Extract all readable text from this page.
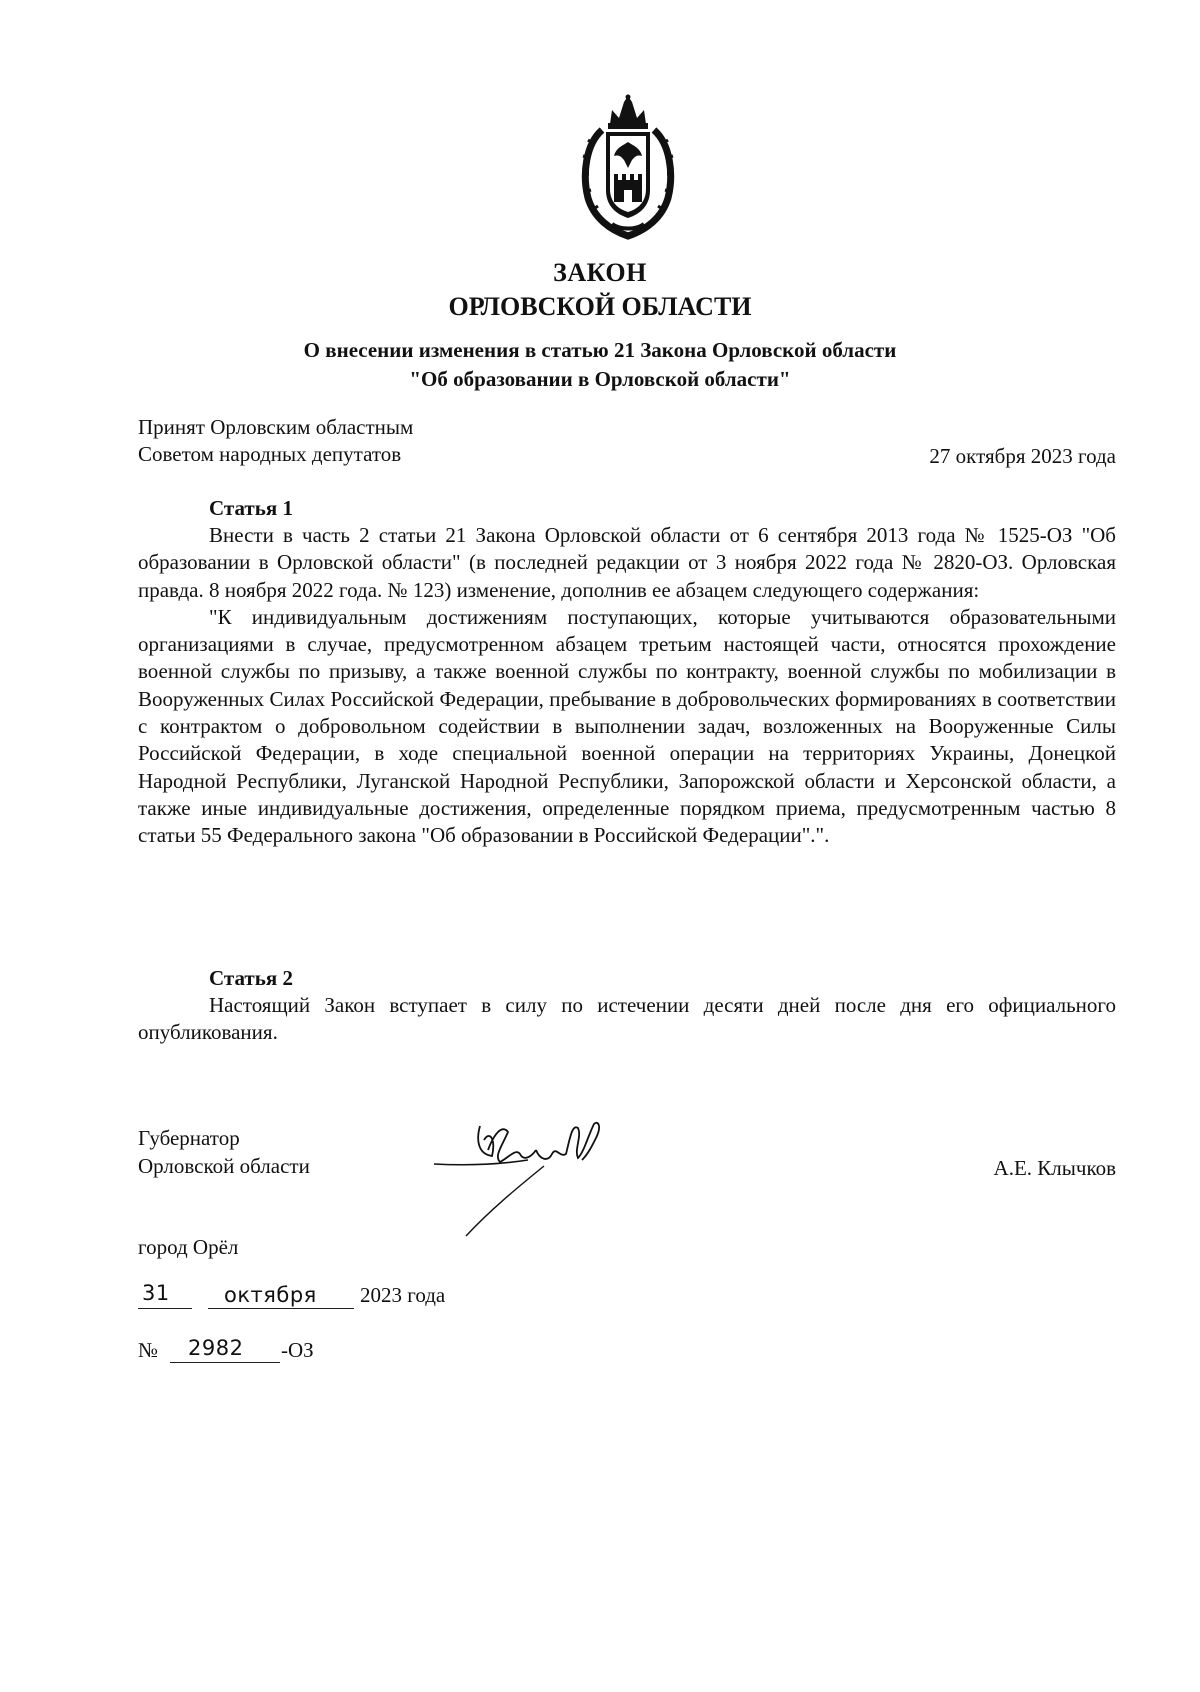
ЗАКОН
ОРЛОВСКОЙ ОБЛАСТИ
О внесении изменения в статью 21 Закона Орловской области
"Об образовании в Орловской области"
Принят Орловским областным
Советом народных депутатов	27 октября 2023 года
Статья 1

Внести в часть 2 статьи 21 Закона Орловской области от 6 сентября 2013 года № 1525-ОЗ "Об образовании в Орловской области" (в последней редакции от 3 ноября 2022 года № 2820-ОЗ. Орловская правда. 8 ноября 2022 года. № 123) изменение, дополнив ее абзацем следующего содержания:

"К индивидуальным достижениям поступающих, которые учитываются образовательными организациями в случае, предусмотренном абзацем третьим настоящей части, относятся прохождение военной службы по призыву, а также военной службы по контракту, военной службы по мобилизации в Вооруженных Силах Российской Федерации, пребывание в добровольческих формированиях в соответствии с контрактом о добровольном содействии в выполнении задач, возложенных на Вооруженные Силы Российской Федерации, в ходе специальной военной операции на территориях Украины, Донецкой Народной Республики, Луганской Народной Республики, Запорожской области и Херсонской области, а также иные индивидуальные достижения, определенные порядком приема, предусмотренным частью 8 статьи 55 Федерального закона "Об образовании в Российской Федерации".".

Статья 2

Настоящий Закон вступает в силу по истечении десяти дней после дня его официального опубликования.

Губернатор
Орловской области	А.Е. Клычков
город Орёл
31	октября 2023 года
№ 2982 -ОЗ
